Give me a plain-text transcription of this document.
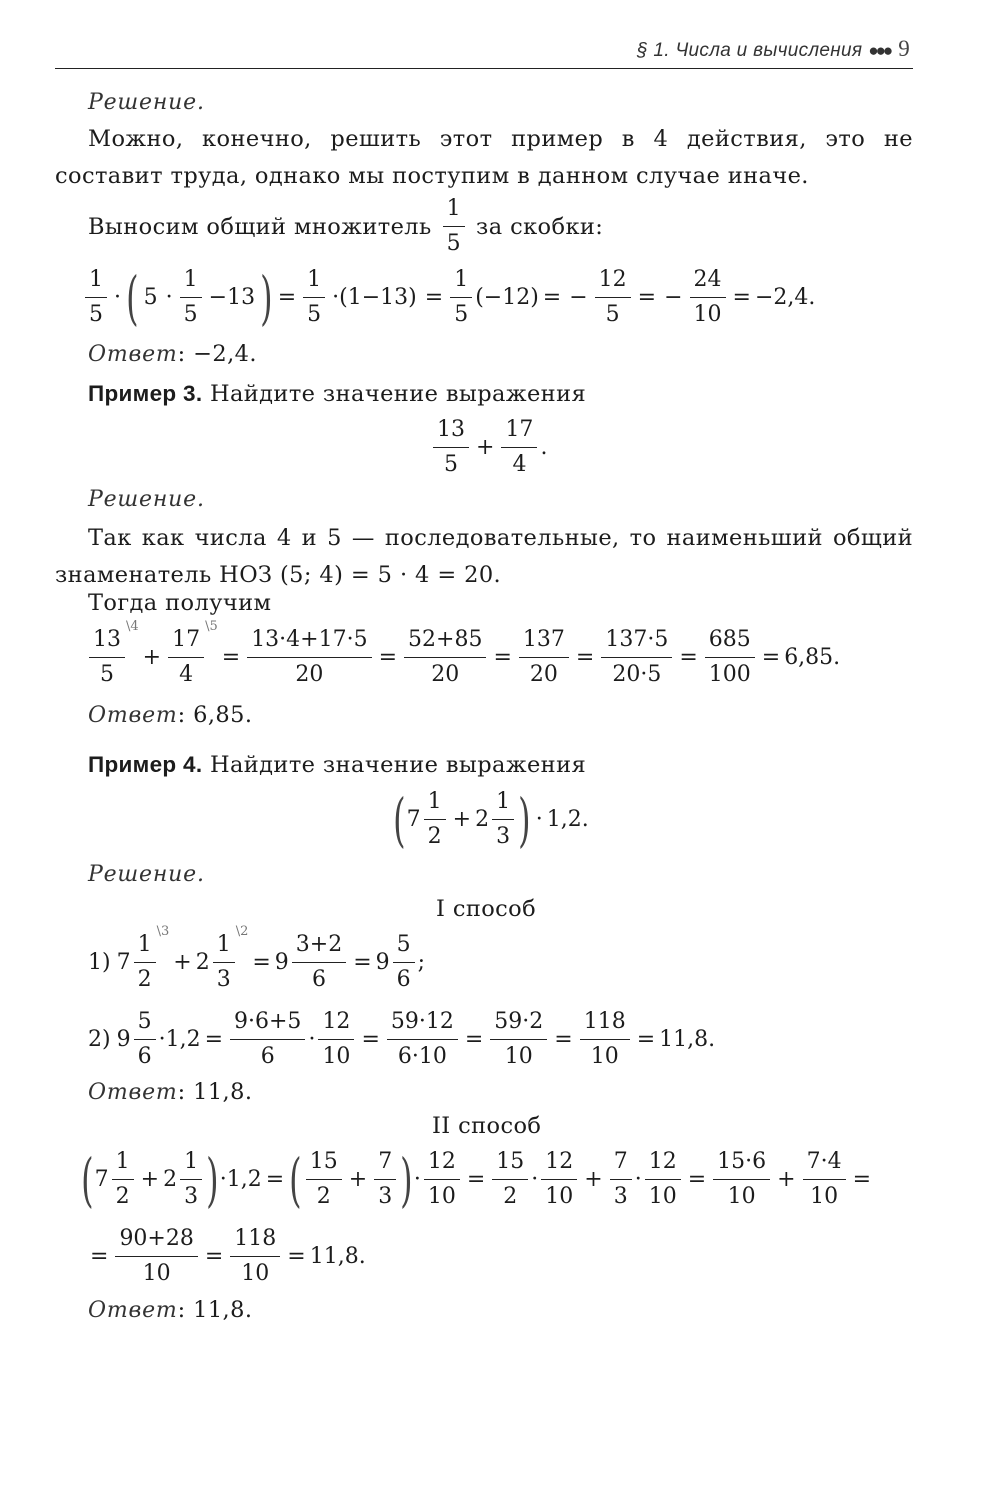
§ 1. Числа и вычисления ●●● 9
Решение.
Можно, конечно, решить этот пример в 4 действия, это не составит труда, однако мы поступим в данном случае иначе.
Выносим общий множитель
1
5
за скобки:
1
5
· ( 5 ·
1
5
−13 ) = $\frac{1}{5} \cdot(1-13) = \frac{1}{5} (-12)$ = − $\frac{12}{5}$ = − $\frac{24}{10} = -2,4$.
Ответ: −2,4.
Пример 3. Найдите значение выражения
13
5
+ $\frac{17}{4}$ .
Решение.
Так как числа 4 и 5 — последовательные, то наименьший общий знаменатель НОЗ (5; 4) = 5 · 4 = 20.
Тогда получим
13
5
\4
+
17
4
\5
= $\frac{13\cdot 4+17\cdot 5}{20} = \frac{52+85}{20} = \frac{137}{20} = \frac{137\cdot 5}{20\cdot 5} = \frac{685}{100} = 6,85$.
Ответ: 6,85.
Пример 4. Найдите значение выражения
( 7
1
2
+ 2
1
3 ) · 1,2.
Решение.
I способ
1) 7
1
2
\3
+ 2
1
3
\2
= $9 \frac{3+2}{6} = 9$
5
6
;
2) 9
5
6
$\cdot 1,2 = \frac{9\cdot 6+5}{6} \cdot \frac{12}{10} = \frac{59\cdot 12}{6\cdot 10} = \frac{59\cdot 2}{10} = \frac{118}{10} = 11,8$.
Ответ: 11,8.
II способ
( 7
1
2
+ 2
1
3 ) ·1,2 = ( 15
2
+ $\frac{7}{3}$ ) · $\frac{12}{10} = \frac{15}{2}$ ·
12
10
+ $\frac{7}{3} \cdot \frac{12}{10} = \frac{15\cdot 6}{10} + \frac{7\cdot 4}{10}$ =
= $\frac{90+28}{10} = \frac{118}{10} = 11,8$.
Ответ: 11,8.
